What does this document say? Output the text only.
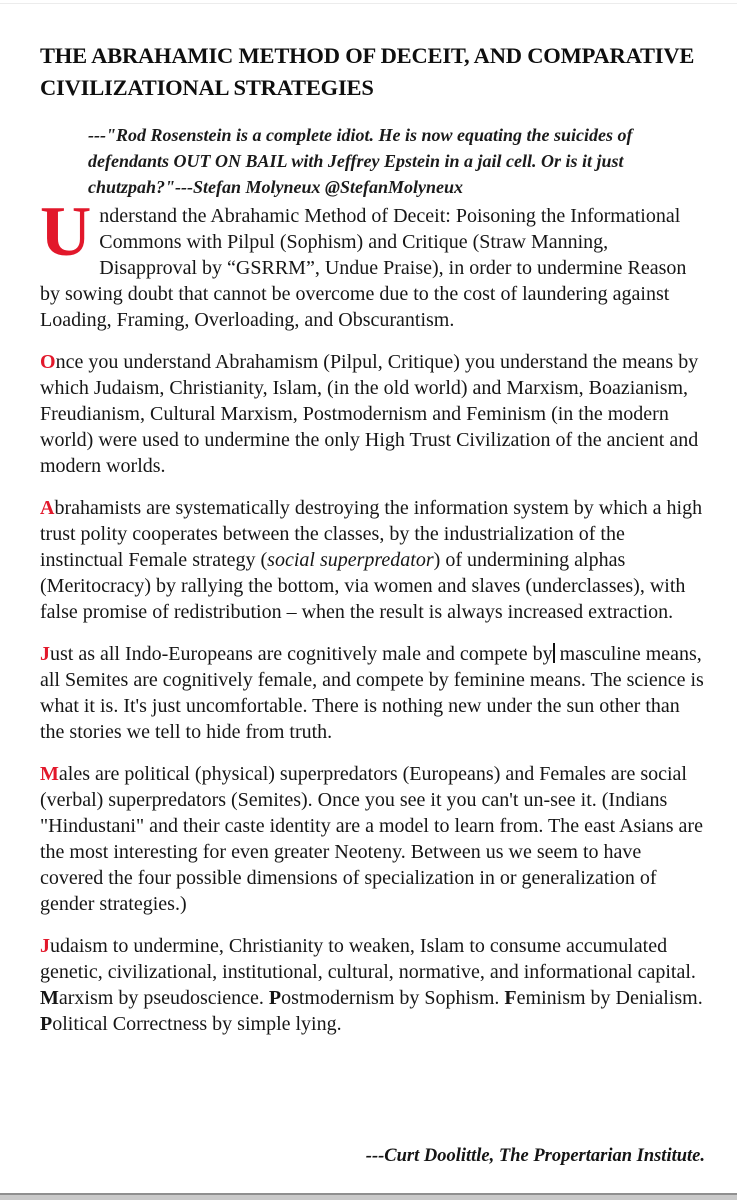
THE ABRAHAMIC METHOD OF DECEIT, AND COMPARATIVE
CIVILIZATIONAL STRATEGIES
---"Rod Rosenstein is a complete idiot. He is now equating the suicides of defendants OUT ON BAIL with Jeffrey Epstein in a jail cell. Or is it just chutzpah?"---Stefan Molyneux @StefanMolyneux

Understand the Abrahamic Method of Deceit: Poisoning the Informational Commons with Pilpul (Sophism) and Critique (Straw Manning, Disapproval by “GSRRM”, Undue Praise), in order to undermine Reason by sowing doubt that cannot be overcome due to the cost of laundering against Loading, Framing, Overloading, and Obscurantism.

Once you understand Abrahamism (Pilpul, Critique) you understand the means by which Judaism, Christianity, Islam, (in the old world) and Marxism, Boazianism, Freudianism, Cultural Marxism, Postmodernism and Feminism (in the modern world) were used to undermine the only High Trust Civilization of the ancient and modern worlds.

Abrahamists are systematically destroying the information system by which a high trust polity cooperates between the classes, by the industrialization of the instinctual Female strategy (social superpredator) of undermining alphas (Meritocracy) by rallying the bottom, via women and slaves (underclasses), with false promise of redistribution – when the result is always increased extraction.

Just as all Indo-Europeans are cognitively male and compete by masculine means, all Semites are cognitively female, and compete by feminine means. The science is what it is. It's just uncomfortable. There is nothing new under the sun other than the stories we tell to hide from truth.

Males are political (physical) superpredators (Europeans) and Females are social  (verbal) superpredators (Semites). Once you see it you can't un-see it. (Indians "Hindustani" and their caste identity are a model to learn from. The east Asians are the most interesting for even greater Neoteny. Between us we seem to have covered the four possible dimensions of specialization in or generalization of gender strategies.)

Judaism to undermine, Christianity to weaken, Islam to consume accumulated genetic, civilizational, institutional, cultural, normative, and informational capital.  Marxism by pseudoscience. Postmodernism by Sophism. Feminism by Denialism. Political Correctness by simple lying.

---Curt Doolittle, The Propertarian Institute.
